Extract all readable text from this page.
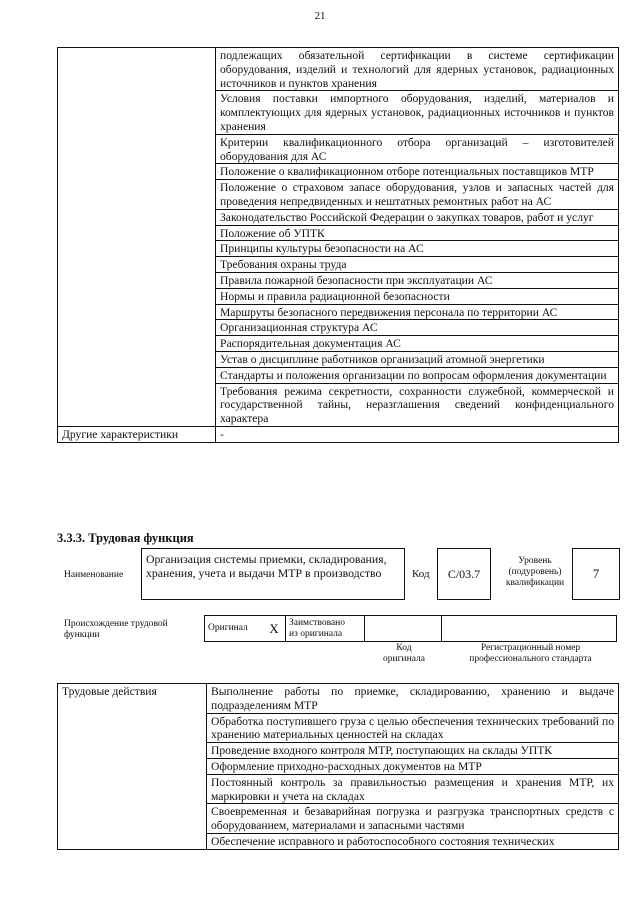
21
	подлежащих обязательной сертификации в системе сертификации оборудования, изделий и технологий для ядерных установок, радиационных источников и пунктов хранения
	Условия поставки импортного оборудования, изделий, материалов и комплектующих для ядерных установок, радиационных источников и пунктов хранения
	Критерии квалификационного отбора организаций – изготовителей оборудования для АС
	Положение о квалификационном отборе потенциальных поставщиков МТР
	Положение о страховом запасе оборудования, узлов и запасных частей для проведения непредвиденных и нештатных ремонтных работ на АС
	Законодательство Российской Федерации о закупках товаров, работ и услуг
	Положение об УПТК
	Принципы культуры безопасности на АС
	Требования охраны труда
	Правила пожарной безопасности при эксплуатации АС
	Нормы и правила радиационной безопасности
	Маршруты безопасного передвижения персонала по территории АС
	Организационная структура АС
	Распорядительная документация АС
	Устав о дисциплине работников организаций атомной энергетики
	Стандарты и положения организации по вопросам оформления документации
	Требования режима секретности, сохранности служебной, коммерческой и государственной тайны, неразглашения сведений конфиденциального характера
Другие характеристики	-
3.3.3. Трудовая функция
Наименование
Организация системы приемки, складирования, хранения, учета и выдачи МТР в производство	Код C/03.7
Уровень
(подуровень)
квалификации
7
Происхождение трудовой
функции
Оригинал	X	Заимствовано
из оригинала

Код
оригинала
Регистрационный номер
профессионального стандарта
Трудовые действия	Выполнение работы по приемке, складированию, хранению и выдаче подразделениям МТР
Обработка поступившего груза с целью обеспечения технических требований по хранению материальных ценностей на складах
Проведение входного контроля МТР, поступающих на склады УПТК
Оформление приходно-расходных документов на МТР
Постоянный контроль за правильностью размещения и хранения МТР, их маркировки и учета на складах
Своевременная и безаварийная погрузка и разгрузка транспортных средств с оборудованием, материалами и запасными частями
Обеспечение исправного и работоспособного состояния технических
